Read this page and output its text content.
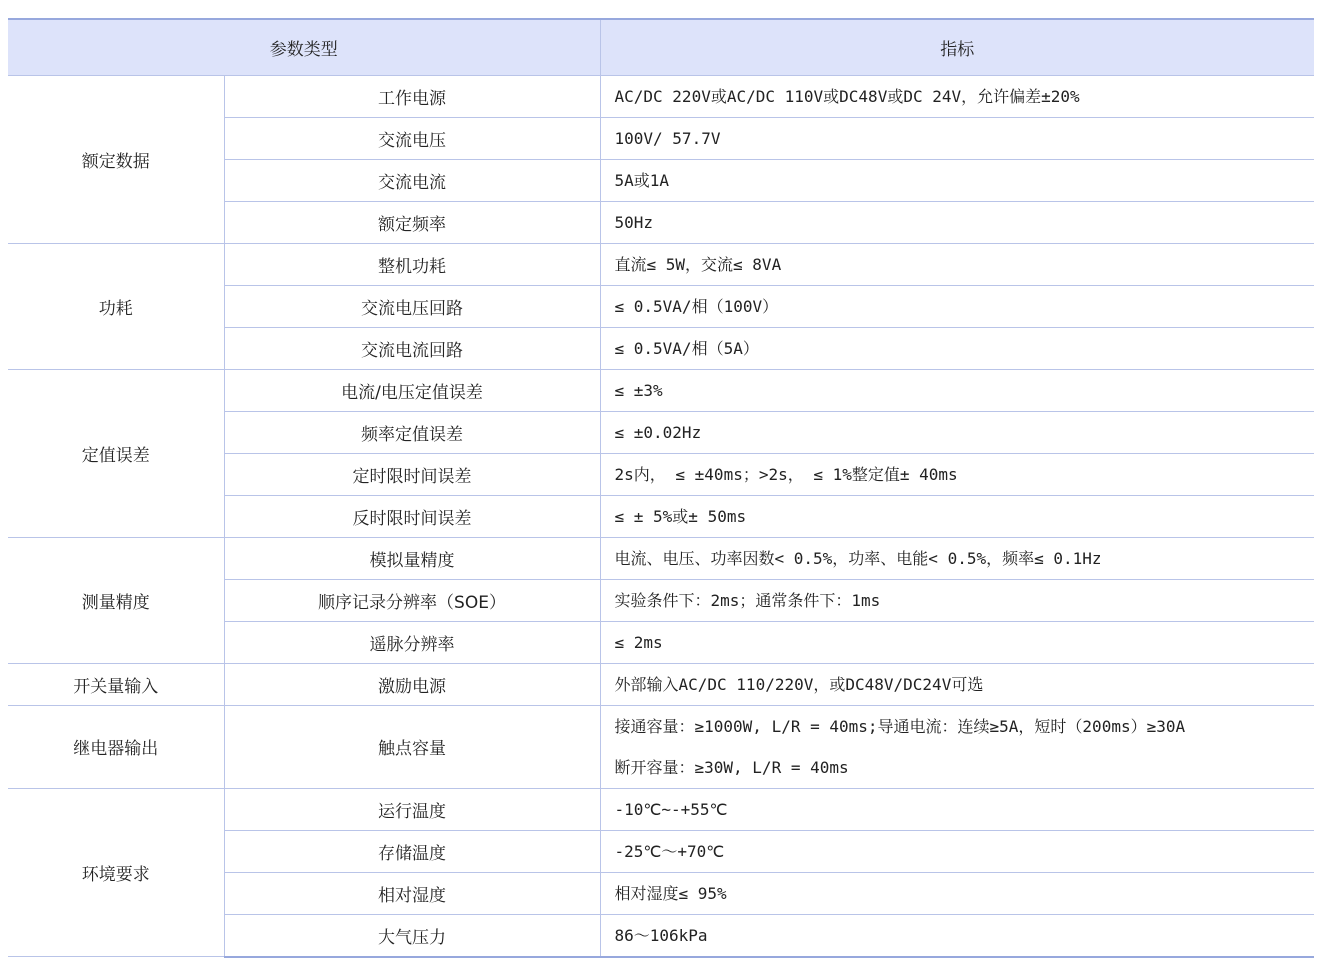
参数类型		指标
额定数据	工作电源	AC/DC 220V或AC/DC 110V或DC48V或DC 24V，允许偏差±20%

	交流电压	100V/ 57.7V

	交流电流	5A或1A

	额定频率	50Hz

功耗	整机功耗	直流≤ 5W，交流≤ 8VA

	交流电压回路	≤ 0.5VA/相（100V）

	交流电流回路	≤ 0.5VA/相（5A）

定值误差	电流/电压定值误差	≤ ±3%

	频率定值误差	≤ ±0.02Hz

	定时限时间误差	2s内， ≤ ±40ms；>2s， ≤ 1%整定值± 40ms

	反时限时间误差	≤ ± 5%或± 50ms

测量精度	模拟量精度	电流、电压、功率因数< 0.5%，功率、电能< 0.5%，频率≤ 0.1Hz

	顺序记录分辨率（SOE）	实验条件下：2ms；通常条件下：1ms

	遥脉分辨率	≤ 2ms

开关量输入	激励电源	外部输入AC/DC 110/220V，或DC48V/DC24V可选

继电器输出	触点容量	接通容量：≥1000W, L/R = 40ms;导通电流：连续≥5A，短时（200ms）≥30A
断开容量：≥30W, L/R = 40ms

环境要求	运行温度	-10℃~-+55℃

	存储温度	-25℃～+70℃

	相对湿度	相对湿度≤ 95%

	大气压力	86～106kPa
